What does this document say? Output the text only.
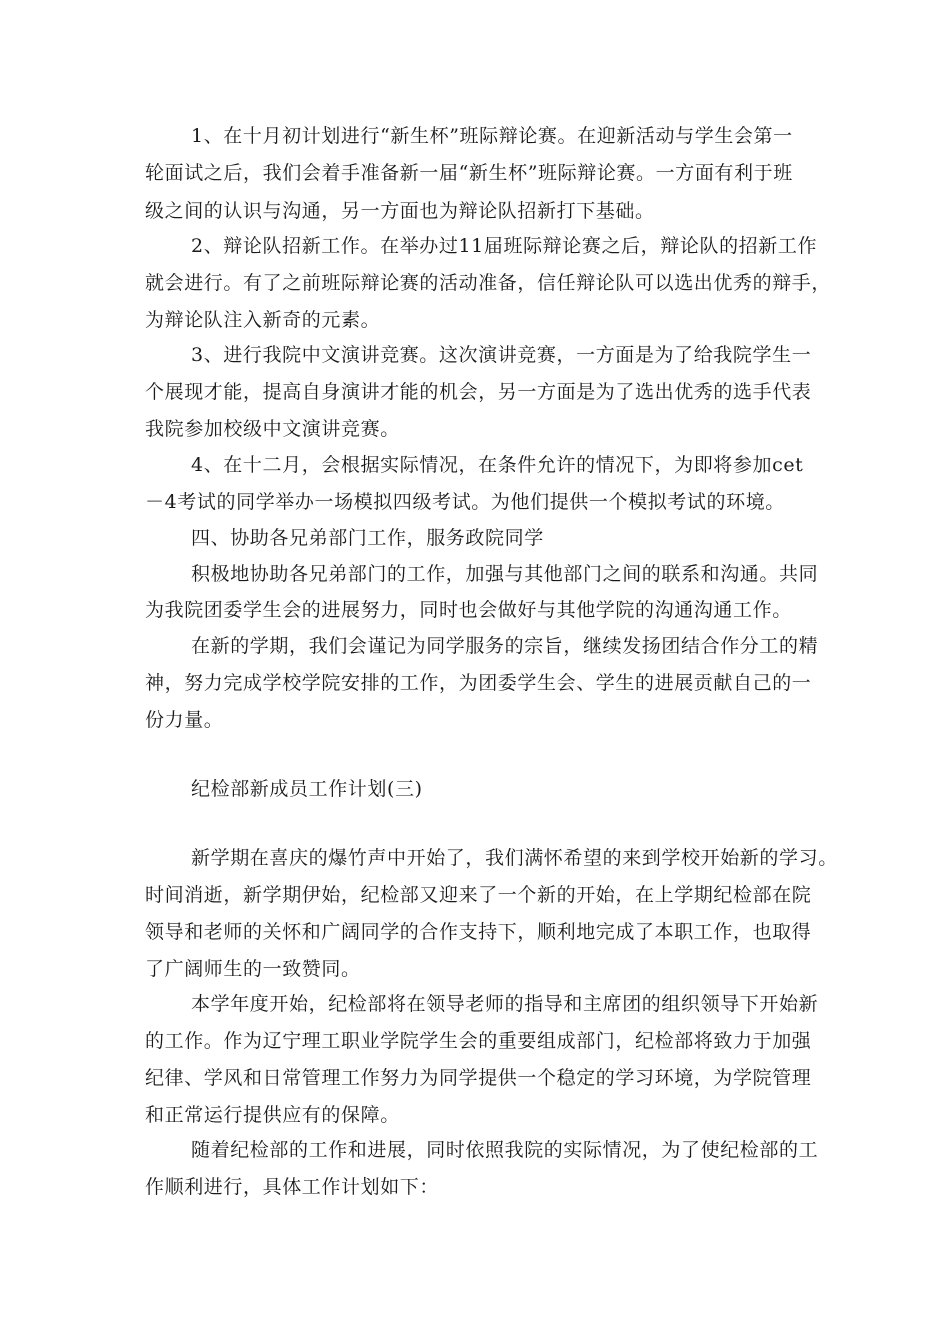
1、在十月初计划进行“新生杯”班际辩论赛。在迎新活动与学生会第一
轮面试之后，我们会着手准备新一届“新生杯”班际辩论赛。一方面有利于班
级之间的认识与沟通，另一方面也为辩论队招新打下基础。
2、辩论队招新工作。在举办过11届班际辩论赛之后，辩论队的招新工作
就会进行。有了之前班际辩论赛的活动准备，信任辩论队可以选出优秀的辩手，
为辩论队注入新奇的元素。
3、进行我院中文演讲竞赛。这次演讲竞赛，一方面是为了给我院学生一
个展现才能，提高自身演讲才能的机会，另一方面是为了选出优秀的选手代表
我院参加校级中文演讲竞赛。
4、在十二月，会根据实际情况，在条件允许的情况下，为即将参加cet
－4考试的同学举办一场模拟四级考试。为他们提供一个模拟考试的环境。
四、协助各兄弟部门工作，服务政院同学
积极地协助各兄弟部门的工作，加强与其他部门之间的联系和沟通。共同
为我院团委学生会的进展努力，同时也会做好与其他学院的沟通沟通工作。
在新的学期，我们会谨记为同学服务的宗旨，继续发扬团结合作分工的精
神，努力完成学校学院安排的工作，为团委学生会、学生的进展贡献自己的一
份力量。
纪检部新成员工作计划(三)
新学期在喜庆的爆竹声中开始了，我们满怀希望的来到学校开始新的学习。
时间消逝，新学期伊始，纪检部又迎来了一个新的开始，在上学期纪检部在院
领导和老师的关怀和广阔同学的合作支持下，顺利地完成了本职工作，也取得
了广阔师生的一致赞同。
本学年度开始，纪检部将在领导老师的指导和主席团的组织领导下开始新
的工作。作为辽宁理工职业学院学生会的重要组成部门，纪检部将致力于加强
纪律、学风和日常管理工作努力为同学提供一个稳定的学习环境，为学院管理
和正常运行提供应有的保障。
随着纪检部的工作和进展，同时依照我院的实际情况，为了使纪检部的工
作顺利进行，具体工作计划如下：
